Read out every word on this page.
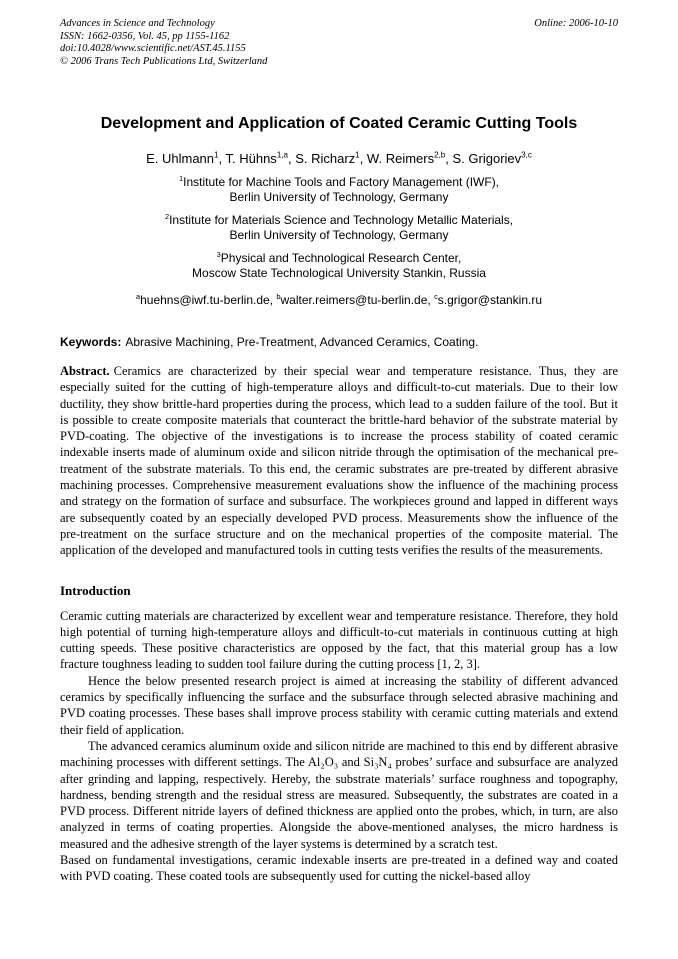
Advances in Science and Technology
ISSN: 1662-0356, Vol. 45, pp 1155-1162
doi:10.4028/www.scientific.net/AST.45.1155
© 2006 Trans Tech Publications Ltd, Switzerland
Online: 2006-10-10
Development and Application of Coated Ceramic Cutting Tools
E. Uhlmann$^1$, T. Hühns$^{1,a}$, S. Richarz$^1$, W. Reimers$^{2,b}$, S. Grigoriev$^{3,c}$
$^1$Institute for Machine Tools and Factory Management (IWF),
Berlin University of Technology, Germany
$^2$Institute for Materials Science and Technology Metallic Materials,
Berlin University of Technology, Germany
$^3$Physical and Technological Research Center,
Moscow State Technological University Stankin, Russia
$^a$huehns@iwf.tu-berlin.de, $^b$walter.reimers@tu-berlin.de, $^c$s.grigor@stankin.ru

Keywords: Abrasive Machining, Pre-Treatment, Advanced Ceramics, Coating.

Abstract. Ceramics are characterized by their special wear and temperature resistance. Thus, they are especially suited for the cutting of high-temperature alloys and difficult-to-cut materials. Due to their low ductility, they show brittle-hard properties during the process, which lead to a sudden failure of the tool. But it is possible to create composite materials that counteract the brittle-hard behavior of the substrate material by PVD-coating. The objective of the investigations is to increase the process stability of coated ceramic indexable inserts made of aluminum oxide and silicon nitride through the optimisation of the mechanical pre-treatment of the substrate materials. To this end, the ceramic substrates are pre-treated by different abrasive machining processes. Comprehensive measurement evaluations show the influence of the machining process and strategy on the formation of surface and subsurface. The workpieces ground and lapped in different ways are subsequently coated by an especially developed PVD process. Measurements show the influence of the pre-treatment on the surface structure and on the mechanical properties of the composite material. The application of the developed and manufactured tools in cutting tests verifies the results of the measurements.

Introduction

Ceramic cutting materials are characterized by excellent wear and temperature resistance. Therefore, they hold high potential of turning high-temperature alloys and difficult-to-cut materials in continuous cutting at high cutting speeds. These positive characteristics are opposed by the fact, that this material group has a low fracture toughness leading to sudden tool failure during the cutting process [1, 2, 3].

Hence the below presented research project is aimed at increasing the stability of different advanced ceramics by specifically influencing the surface and the subsurface through selected abrasive machining and PVD coating processes. These bases shall improve process stability with ceramic cutting materials and extend their field of application.

The advanced ceramics aluminum oxide and silicon nitride are machined to this end by different abrasive machining processes with different settings. The Al₂O₃ and Si₃N₄ probes’ surface and subsurface are analyzed after grinding and lapping, respectively. Hereby, the substrate materials’ surface roughness and topography, hardness, bending strength and the residual stress are measured. Subsequently, the substrates are coated in a PVD process. Different nitride layers of defined thickness are applied onto the probes, which, in turn, are also analyzed in terms of coating properties. Alongside the above-mentioned analyses, the micro hardness is measured and the adhesive strength of the layer systems is determined by a scratch test.

Based on fundamental investigations, ceramic indexable inserts are pre-treated in a defined way and coated with PVD coating. These coated tools are subsequently used for cutting the nickel-based alloy
